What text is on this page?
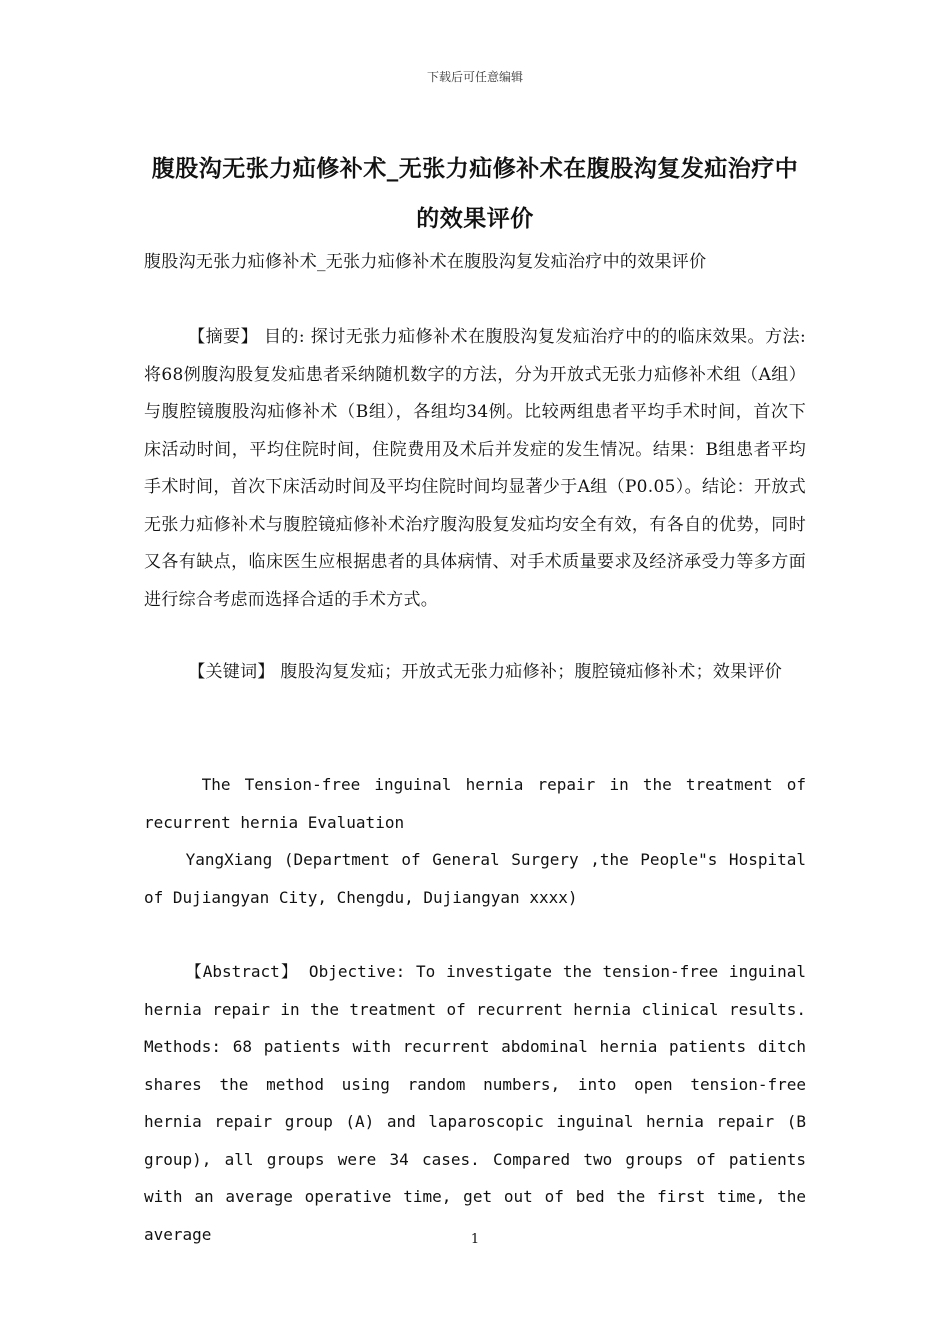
下载后可任意编辑
腹股沟无张力疝修补术_无张力疝修补术在腹股沟复发疝治疗中的效果评价
腹股沟无张力疝修补术_无张力疝修补术在腹股沟复发疝治疗中的效果评价
【摘要】 目的: 探讨无张力疝修补术在腹股沟复发疝治疗中的的临床效果。方法:将68例腹沟股复发疝患者采纳随机数字的方法，分为开放式无张力疝修补术组（A组）与腹腔镜腹股沟疝修补术（B组），各组均34例。比较两组患者平均手术时间，首次下床活动时间，平均住院时间，住院费用及术后并发症的发生情况。结果：B组患者平均手术时间，首次下床活动时间及平均住院时间均显著少于A组（P0.05）。结论：开放式无张力疝修补术与腹腔镜疝修补术治疗腹沟股复发疝均安全有效，有各自的优势，同时又各有缺点，临床医生应根据患者的具体病情、对手术质量要求及经济承受力等多方面进行综合考虑而选择合适的手术方式。
【关键词】 腹股沟复发疝；开放式无张力疝修补；腹腔镜疝修补术；效果评价
The Tension-free inguinal hernia repair in the treatment of recurrent hernia Evaluation
YangXiang (Department of General Surgery ,the People"s Hospital of Dujiangyan City, Chengdu, Dujiangyan xxxx)
【Abstract】 Objective: To investigate the tension-free inguinal hernia repair in the treatment of recurrent hernia clinical results. Methods: 68 patients with recurrent abdominal hernia patients ditch shares the method using random numbers, into open tension-free hernia repair group (A) and laparoscopic inguinal hernia repair (B group), all groups were 34 cases. Compared two groups of patients with an average operative time, get out of bed the first time, the average	1
